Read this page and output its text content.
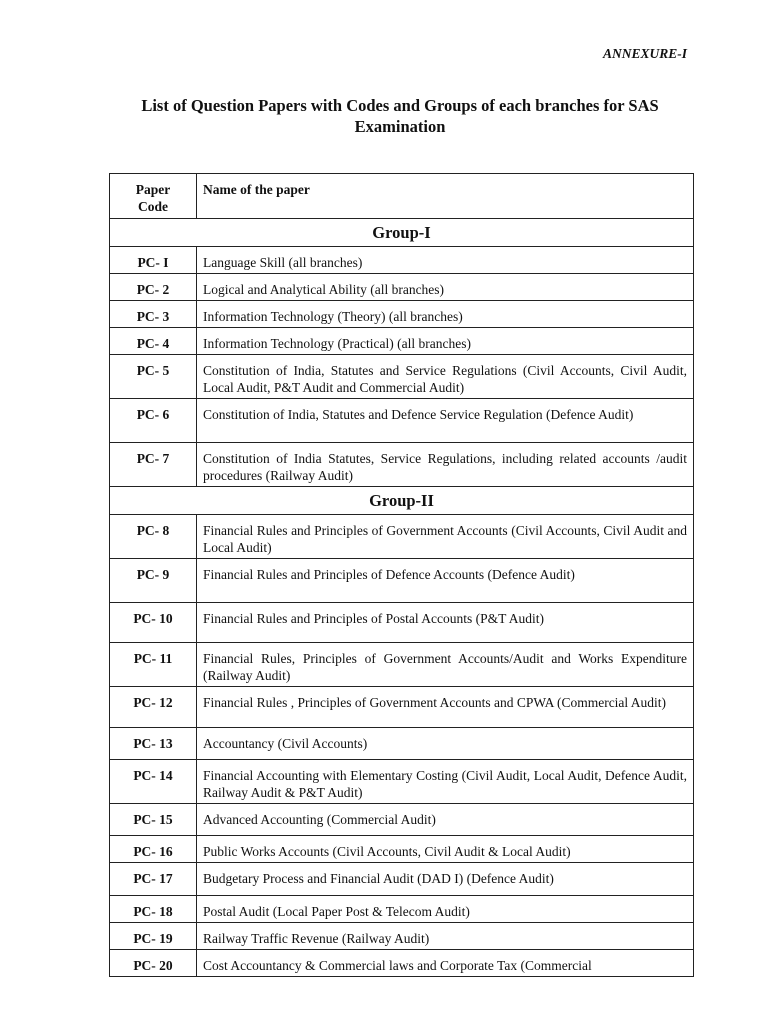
ANNEXURE-I
List of Question Papers with Codes and Groups of each branches for SAS
Examination
Paper
Code	Name of the paper
Group-I	
PC- I	Language Skill (all branches)
PC- 2	Logical and Analytical Ability (all branches)
PC- 3	Information Technology (Theory) (all branches)
PC- 4	Information Technology (Practical) (all branches)
PC- 5	Constitution of India, Statutes and Service Regulations (Civil Accounts, Civil Audit, Local Audit, P&T Audit and Commercial Audit)
PC- 6	Constitution of India, Statutes and Defence Service Regulation (Defence Audit)
PC- 7	Constitution of India Statutes, Service Regulations, including related accounts /audit procedures (Railway Audit)
Group-II	
PC- 8	Financial Rules and Principles of Government Accounts (Civil Accounts, Civil Audit and Local Audit)
PC- 9	Financial Rules and Principles of Defence Accounts (Defence Audit)
PC- 10	Financial Rules and Principles of Postal Accounts (P&T Audit)
PC- 11	Financial Rules, Principles of Government Accounts/Audit and Works Expenditure (Railway Audit)
PC- 12	Financial Rules , Principles of Government Accounts and CPWA (Commercial Audit)
PC- 13	Accountancy (Civil Accounts)
PC- 14	Financial Accounting with Elementary Costing (Civil Audit, Local Audit, Defence Audit, Railway Audit & P&T Audit)
PC- 15	Advanced Accounting (Commercial Audit)
PC- 16	Public Works Accounts (Civil Accounts, Civil Audit & Local Audit)
PC- 17	Budgetary Process and Financial Audit (DAD I) (Defence Audit)
PC- 18	Postal Audit (Local Paper Post & Telecom Audit)
PC- 19	Railway Traffic Revenue (Railway Audit)
PC- 20	Cost Accountancy & Commercial laws and Corporate Tax (Commercial
